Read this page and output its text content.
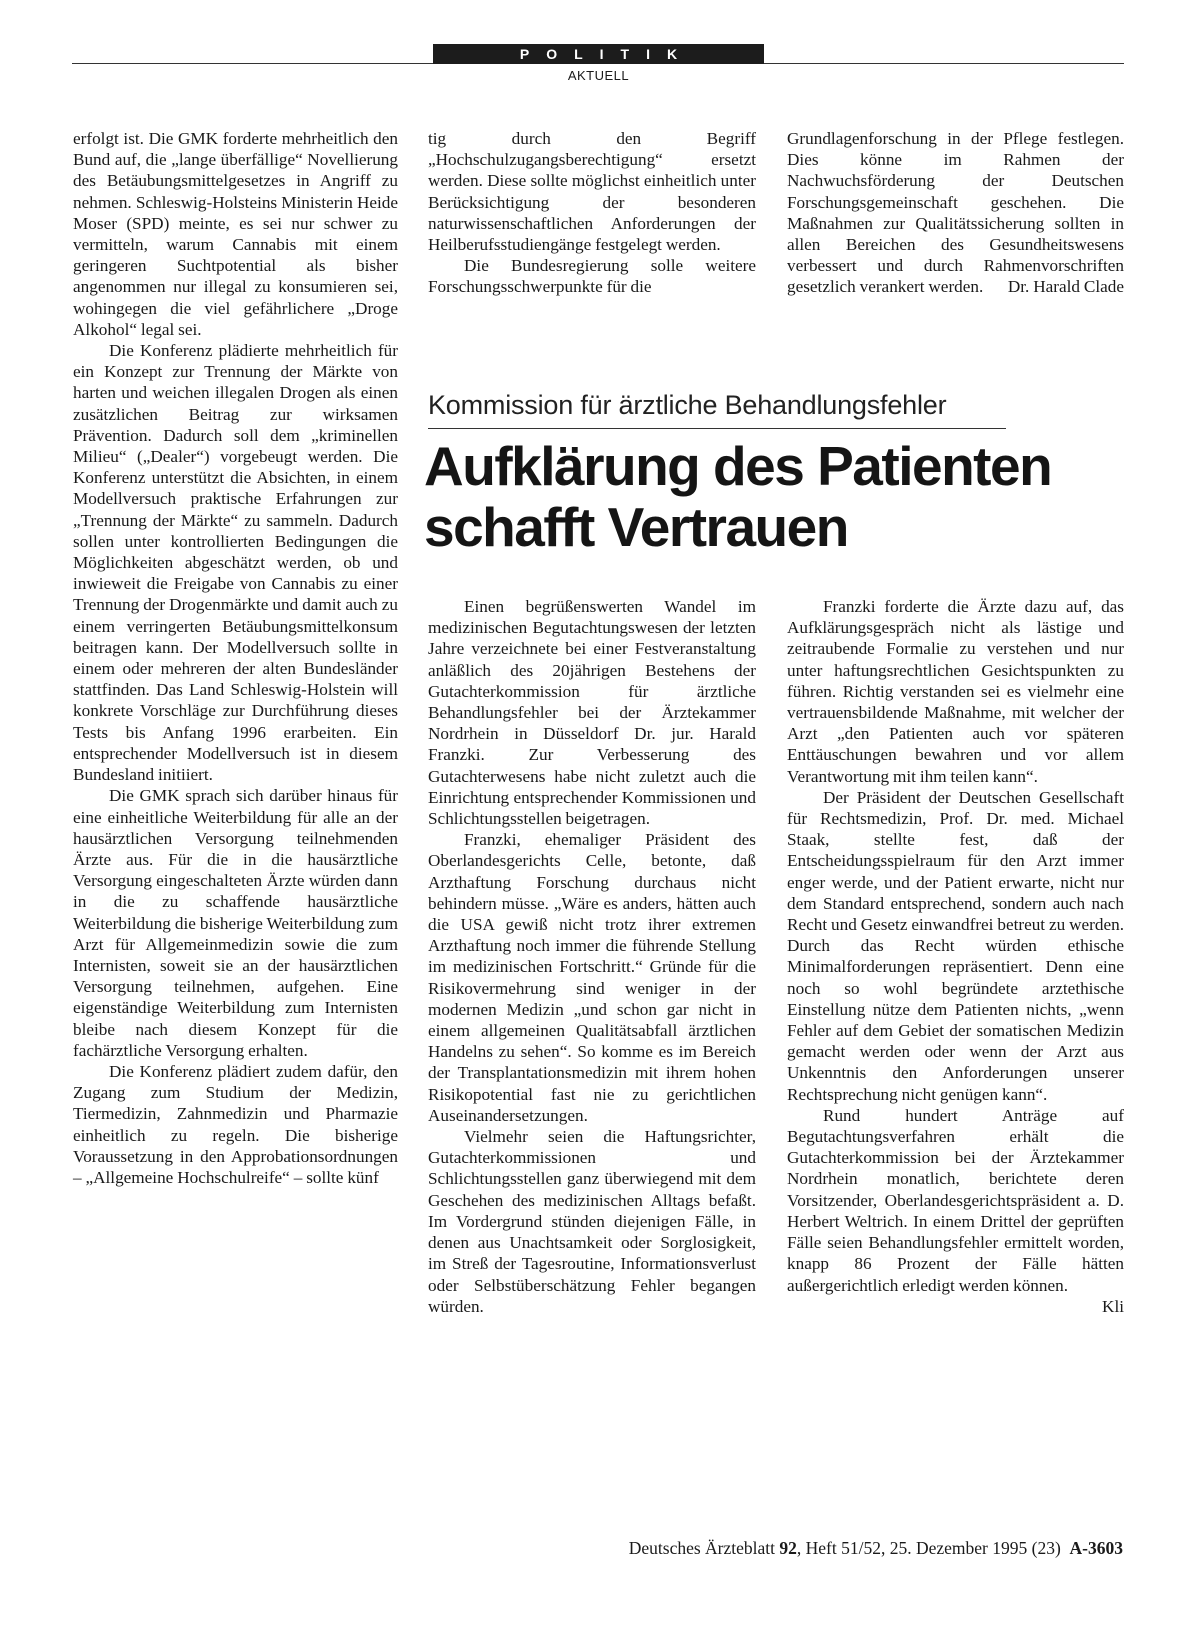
POLITIK
AKTUELL

erfolgt ist. Die GMK forderte mehrheitlich den Bund auf, die „lange überfällige“ Novellierung des Betäubungsmittelgesetzes in Angriff zu nehmen. Schleswig-Holsteins Ministerin Heide Moser (SPD) meinte, es sei nur schwer zu vermitteln, warum Cannabis mit einem geringeren Suchtpotential als bisher angenommen nur illegal zu konsumieren sei, wohingegen die viel gefährlichere „Droge Alkohol“ legal sei.

Die Konferenz plädierte mehrheitlich für ein Konzept zur Trennung der Märkte von harten und weichen illegalen Drogen als einen zusätzlichen Beitrag zur wirksamen Prävention. Dadurch soll dem „kriminellen Milieu“ („Dealer“) vorgebeugt werden. Die Konferenz unterstützt die Absichten, in einem Modellversuch praktische Erfahrungen zur „Trennung der Märkte“ zu sammeln. Dadurch sollen unter kontrollierten Bedingungen die Möglichkeiten abgeschätzt werden, ob und inwieweit die Freigabe von Cannabis zu einer Trennung der Drogenmärkte und damit auch zu einem verringerten Betäubungsmittelkonsum beitragen kann. Der Modellversuch sollte in einem oder mehreren der alten Bundesländer stattfinden. Das Land Schleswig-Holstein will konkrete Vorschläge zur Durchführung dieses Tests bis Anfang 1996 erarbeiten. Ein entsprechender Modellversuch ist in diesem Bundesland initiiert.

Die GMK sprach sich darüber hinaus für eine einheitliche Weiterbildung für alle an der hausärztlichen Versorgung teilnehmenden Ärzte aus. Für die in die hausärztliche Versorgung eingeschalteten Ärzte würden dann in die zu schaffende hausärztliche Weiterbildung die bisherige Weiterbildung zum Arzt für Allgemeinmedizin sowie die zum Internisten, soweit sie an der hausärztlichen Versorgung teilnehmen, aufgehen. Eine eigenständige Weiterbildung zum Internisten bleibe nach diesem Konzept für die fachärztliche Versorgung erhalten.

Die Konferenz plädiert zudem dafür, den Zugang zum Studium der Medizin, Tiermedizin, Zahnmedizin und Pharmazie einheitlich zu regeln. Die bisherige Voraussetzung in den Approbationsordnungen – „Allgemeine Hochschulreife“ – sollte künf

tig durch den Begriff „Hochschulzugangsberechtigung“ ersetzt werden. Diese sollte möglichst einheitlich unter Berücksichtigung der besonderen naturwissenschaftlichen Anforderungen der Heilberufsstudiengänge festgelegt werden.

Die Bundesregierung solle weitere Forschungsschwerpunkte für die

Grundlagenforschung in der Pflege festlegen. Dies könne im Rahmen der Nachwuchsförderung der Deutschen Forschungsgemeinschaft geschehen. Die Maßnahmen zur Qualitätssicherung sollten in allen Bereichen des Gesundheitswesens verbessert und durch Rahmenvorschriften gesetzlich verankert werden. Dr. Harald Clade

Kommission für ärztliche Behandlungsfehler
Aufklärung des Patienten
schafft Vertrauen

Einen begrüßenswerten Wandel im medizinischen Begutachtungswesen der letzten Jahre verzeichnete bei einer Festveranstaltung anläßlich des 20jährigen Bestehens der Gutachterkommission für ärztliche Behandlungsfehler bei der Ärztekammer Nordrhein in Düsseldorf Dr. jur. Harald Franzki. Zur Verbesserung des Gutachterwesens habe nicht zuletzt auch die Einrichtung entsprechender Kommissionen und Schlichtungsstellen beigetragen.

Franzki, ehemaliger Präsident des Oberlandesgerichts Celle, betonte, daß Arzthaftung Forschung durchaus nicht behindern müsse. „Wäre es anders, hätten auch die USA gewiß nicht trotz ihrer extremen Arzthaftung noch immer die führende Stellung im medizinischen Fortschritt.“ Gründe für die Risikovermehrung sind weniger in der modernen Medizin „und schon gar nicht in einem allgemeinen Qualitätsabfall ärztlichen Handelns zu sehen“. So komme es im Bereich der Transplantationsmedizin mit ihrem hohen Risikopotential fast nie zu gerichtlichen Auseinandersetzungen.

Vielmehr seien die Haftungsrichter, Gutachterkommissionen und Schlichtungsstellen ganz überwiegend mit dem Geschehen des medizinischen Alltags befaßt. Im Vordergrund stünden diejenigen Fälle, in denen aus Unachtsamkeit oder Sorglosigkeit, im Streß der Tagesroutine, Informationsverlust oder Selbstüberschätzung Fehler begangen würden.

Franzki forderte die Ärzte dazu auf, das Aufklärungsgespräch nicht als lästige und zeitraubende Formalie zu verstehen und nur unter haftungsrechtlichen Gesichtspunkten zu führen. Richtig verstanden sei es vielmehr eine vertrauensbildende Maßnahme, mit welcher der Arzt „den Patienten auch vor späteren Enttäuschungen bewahren und vor allem Verantwortung mit ihm teilen kann“.

Der Präsident der Deutschen Gesellschaft für Rechtsmedizin, Prof. Dr. med. Michael Staak, stellte fest, daß der Entscheidungsspielraum für den Arzt immer enger werde, und der Patient erwarte, nicht nur dem Standard entsprechend, sondern auch nach Recht und Gesetz einwandfrei betreut zu werden. Durch das Recht würden ethische Minimalforderungen repräsentiert. Denn eine noch so wohl begründete arztethische Einstellung nütze dem Patienten nichts, „wenn Fehler auf dem Gebiet der somatischen Medizin gemacht werden oder wenn der Arzt aus Unkenntnis den Anforderungen unserer Rechtsprechung nicht genügen kann“.

Rund hundert Anträge auf Begutachtungsverfahren erhält die Gutachterkommission bei der Ärztekammer Nordrhein monatlich, berichtete deren Vorsitzender, Oberlandesgerichtspräsident a. D. Herbert Weltrich. In einem Drittel der geprüften Fälle seien Behandlungsfehler ermittelt worden, knapp 86 Prozent der Fälle hätten außergerichtlich erledigt werden können.
Kli

Deutsches Ärzteblatt 92, Heft 51/52, 25. Dezember 1995 (23) A-3603
